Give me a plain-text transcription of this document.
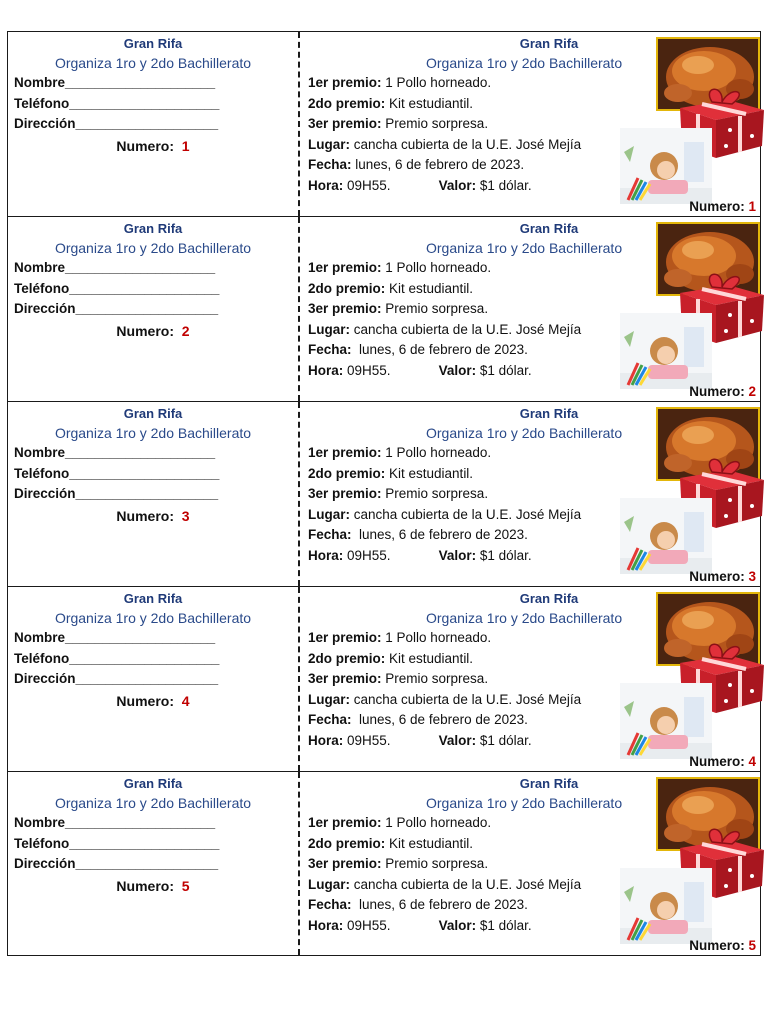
Gran Rifa
Organiza 1ro y 2do Bachillerato
Nombre____________________
Teléfono____________________
Dirección___________________
Numero: 1
Gran Rifa
Organiza 1ro y 2do Bachillerato
1er premio: 1 Pollo horneado.
2do premio: Kit estudiantil.
3er premio: Premio sorpresa.
Lugar: cancha cubierta de la U.E. José Mejía
Fecha: lunes, 6 de febrero de 2023.
Hora: 09H55.	Valor: $1 dólar.
Numero: 1
Gran Rifa
Organiza 1ro y 2do Bachillerato
Nombre____________________
Teléfono____________________
Dirección___________________
Numero: 2
Gran Rifa
Organiza 1ro y 2do Bachillerato
1er premio: 1 Pollo horneado.
2do premio: Kit estudiantil.
3er premio: Premio sorpresa.
Lugar: cancha cubierta de la U.E. José Mejía
Fecha:  lunes, 6 de febrero de 2023.
Hora: 09H55.	Valor: $1 dólar.
Numero: 2
Gran Rifa
Organiza 1ro y 2do Bachillerato
Nombre____________________
Teléfono____________________
Dirección___________________
Numero: 3
Gran Rifa
Organiza 1ro y 2do Bachillerato
1er premio: 1 Pollo horneado.
2do premio: Kit estudiantil.
3er premio: Premio sorpresa.
Lugar: cancha cubierta de la U.E. José Mejía
Fecha:  lunes, 6 de febrero de 2023.
Hora: 09H55.	Valor: $1 dólar.
Numero: 3
Gran Rifa
Organiza 1ro y 2do Bachillerato
Nombre____________________
Teléfono____________________
Dirección___________________
Numero: 4
Gran Rifa
Organiza 1ro y 2do Bachillerato
1er premio: 1 Pollo horneado.
2do premio: Kit estudiantil.
3er premio: Premio sorpresa.
Lugar: cancha cubierta de la U.E. José Mejía
Fecha:  lunes, 6 de febrero de 2023.
Hora: 09H55.	Valor: $1 dólar.
Numero: 4
Gran Rifa
Organiza 1ro y 2do Bachillerato
Nombre____________________
Teléfono____________________
Dirección___________________
Numero: 5
Gran Rifa
Organiza 1ro y 2do Bachillerato
1er premio: 1 Pollo horneado.
2do premio: Kit estudiantil.
3er premio: Premio sorpresa.
Lugar: cancha cubierta de la U.E. José Mejía
Fecha:  lunes, 6 de febrero de 2023.
Hora: 09H55.	Valor: $1 dólar.
Numero: 5
